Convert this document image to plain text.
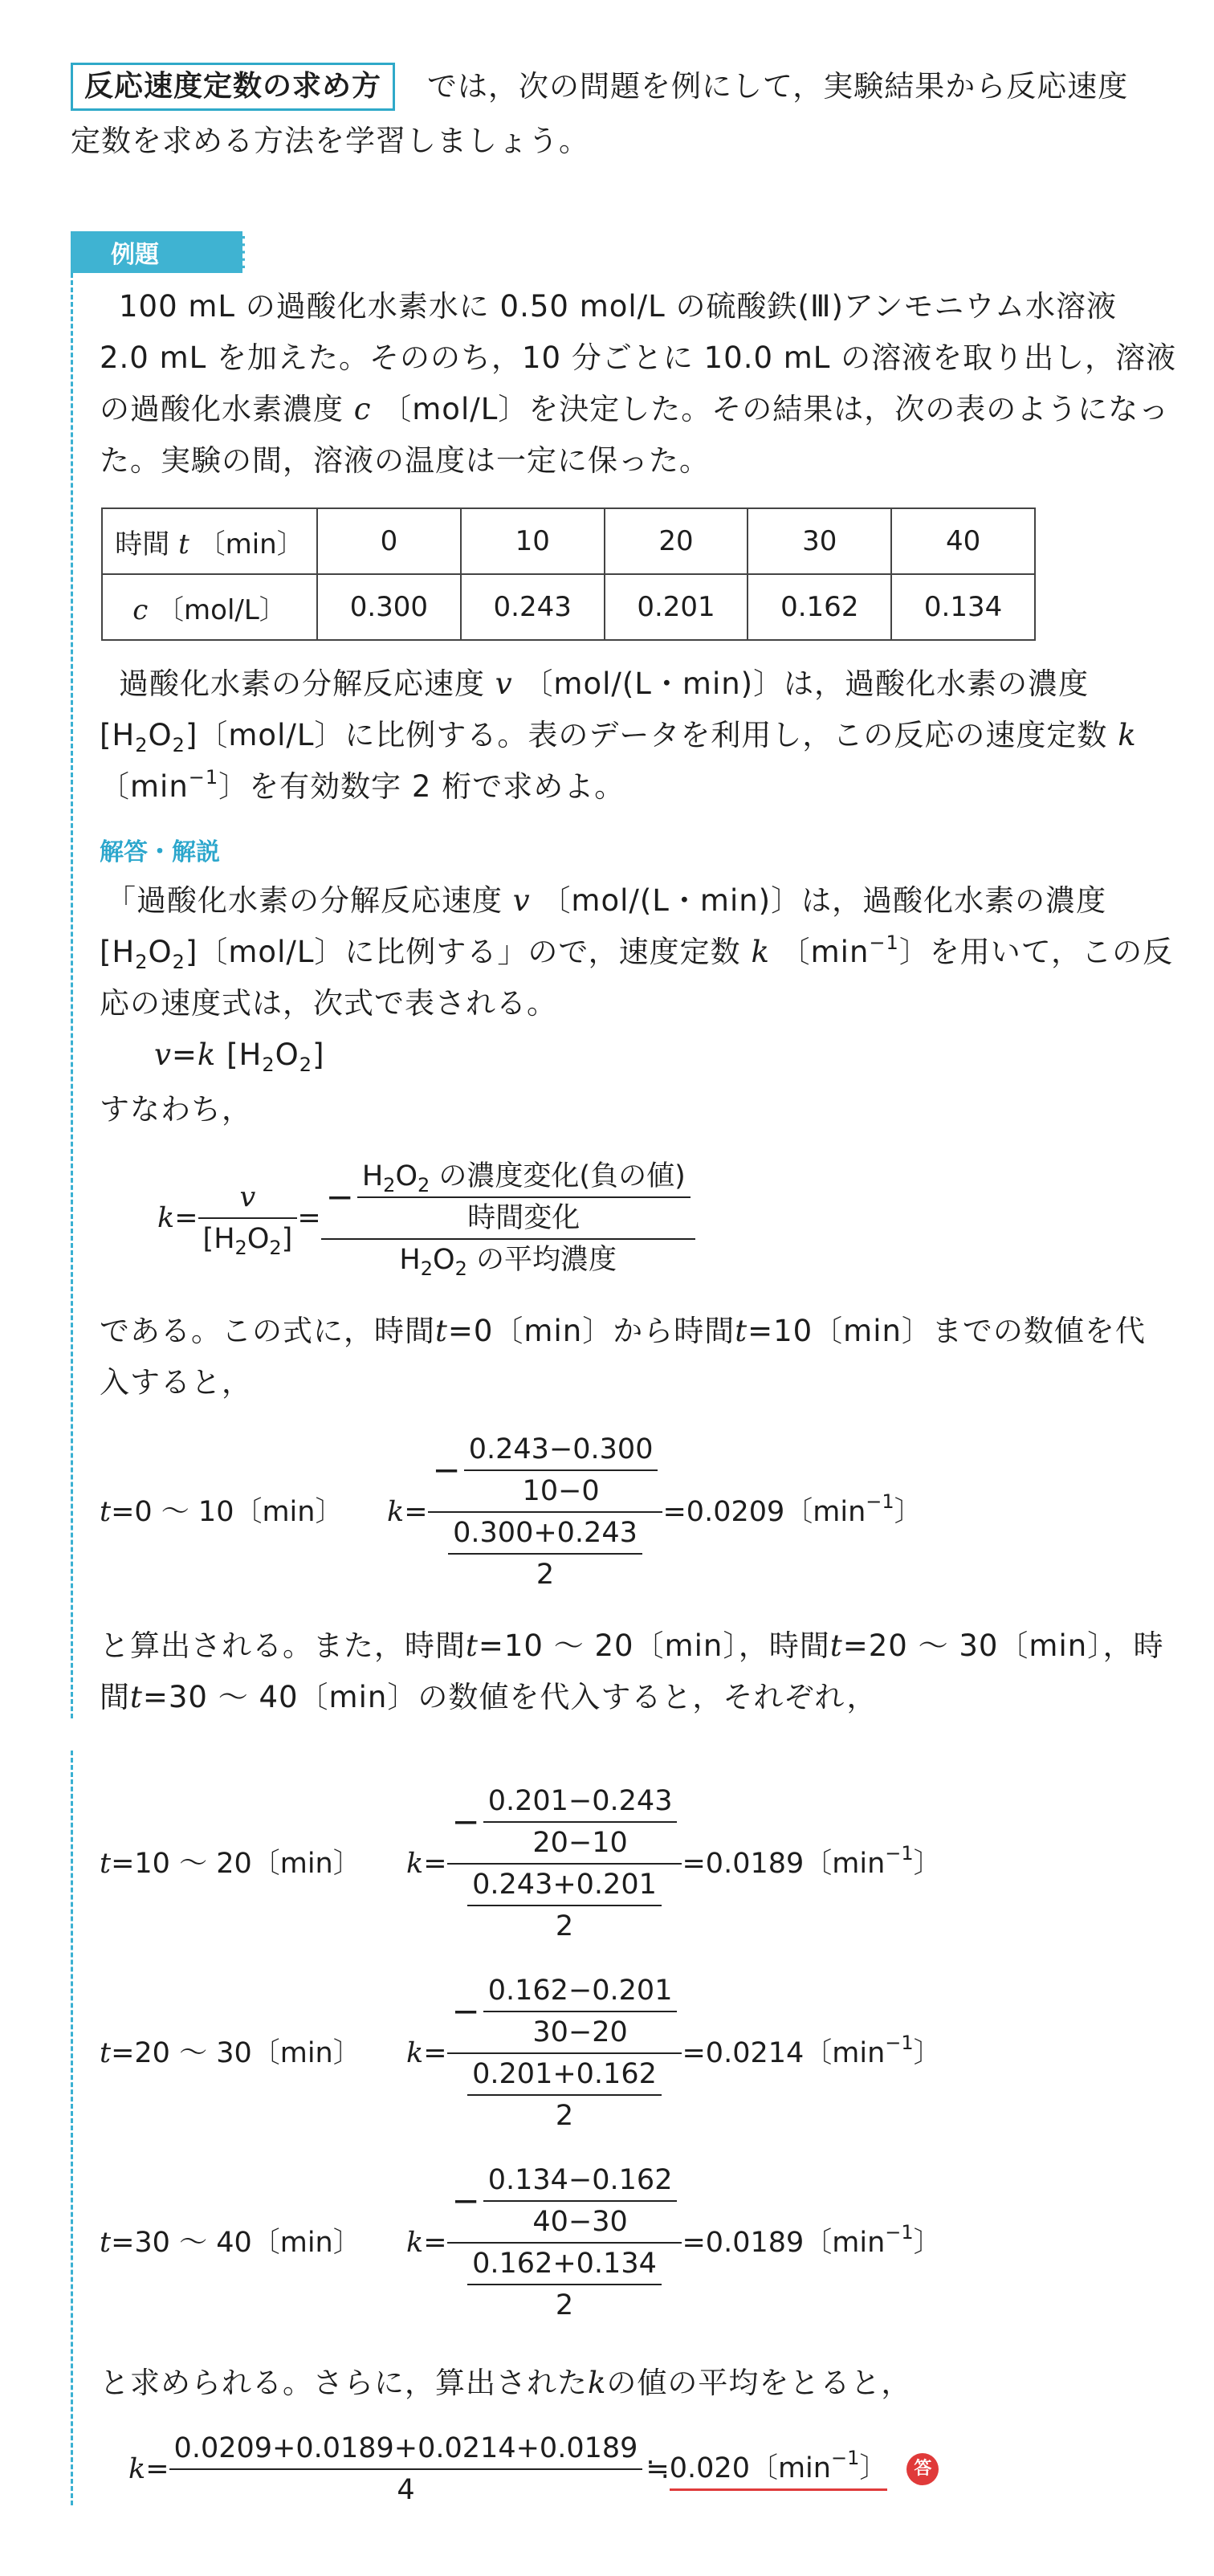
反応速度定数の求め方	では，次の問題を例にして，実験結果から反応速度
定数を求める方法を学習しましょう。
例題
100 mL の過酸化水素水に 0.50 mol/L の硫酸鉄(Ⅲ)アンモニウム水溶液
2.0 mL を加えた。そののち，10 分ごとに 10.0 mL の溶液を取り出し，溶液
の過酸化水素濃度 c 〔mol/L〕を決定した。その結果は，次の表のようになっ
た。実験の間，溶液の温度は一定に保った。
時間 t 〔min〕	0	10	20	30	40
c 〔mol/L〕	0.300	0.243	0.201	0.162	0.134
過酸化水素の分解反応速度 v 〔mol/(L・min)〕は，過酸化水素の濃度
$[H_2O_2]$〔mol/L〕に比例する。表のデータを利用し，この反応の速度定数 k
〔$\min^{-1}$〕を有効数字 2 桁で求めよ。
解答・解説
「過酸化水素の分解反応速度 v 〔mol/(L・min)〕は，過酸化水素の濃度
$[H_2O_2]$〔mol/L〕に比例する」ので，速度定数 k 〔$\min^{-1}$〕を用いて，この反
応の速度式は，次式で表される。
v=k $[H_2O_2]$
すなわち，
$k = \frac{v}{[H_2O_2]} = \frac{- \frac{H_2O_2 の濃度変化(負の値)}{\text{時間変化}}}{H_2O_2 の平均濃度}$
である。この式に，時間t=0〔min〕から時間t=10〔min〕までの数値を代
入すると，
t=0 〜 10〔min〕	$k = \frac{- \frac{0.243-0.300}{10-0}}{\frac{0.300+0.243}{2}} =0.0209$〔$\min^{-1}$〕
と算出される。また，時間t=10 〜 20〔min〕，時間t=20 〜 30〔min〕，時
間t=30 〜 40〔min〕の数値を代入すると，それぞれ，
t=10 〜 20〔min〕	$k = \frac{- \frac{0.201-0.243}{20-10}}{\frac{0.243+0.201}{2}} =0.0189$〔$\min^{-1}$〕
t=20 〜 30〔min〕	$k = \frac{- \frac{0.162-0.201}{30-20}}{\frac{0.201+0.162}{2}} =0.0214$〔$\min^{-1}$〕
t=30 〜 40〔min〕	$k = \frac{- \frac{0.134-0.162}{40-30}}{\frac{0.162+0.134}{2}} =0.0189$〔$\min^{-1}$〕
と求められる。さらに，算出されたkの値の平均をとると，
$k = \frac{0.0209+0.0189+0.0214+0.0189}{4}$ ≒ 0.020〔$\min^{-1}$〕	答
